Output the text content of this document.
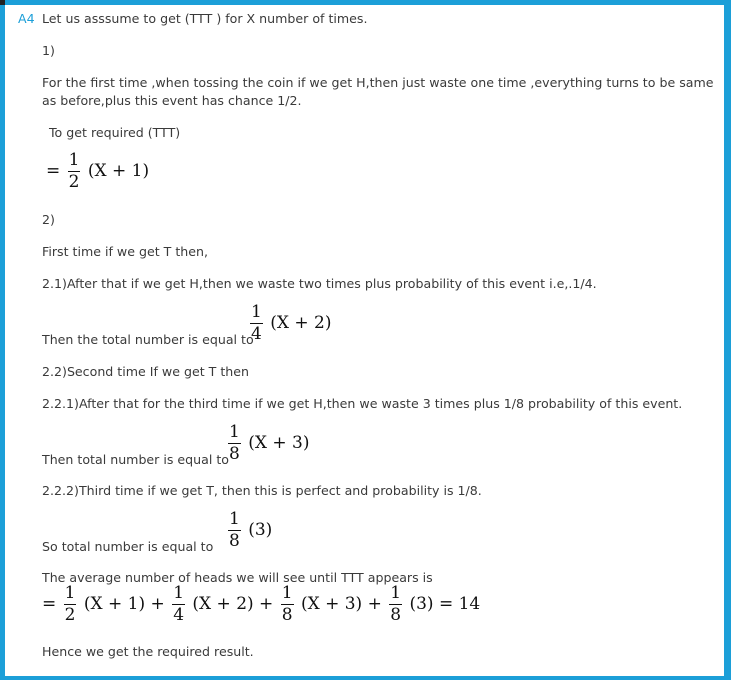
A4 Let us asssume to get (TTT ) for X number of times.
1)
For the first time ,when tossing the coin if we get H,then just waste one time ,everything turns to be same
as before,plus this event has chance 1/2.
To get required (TTT)
= $\frac{1}{2} (X + 1)$
2)
First time if we get T then,
2.1)After that if we get H,then we waste two times plus probability of this event i.e,.1/4.
Then the total number is equal to
$\frac{1}{4} (X + 2)$
2.2)Second time If we get T then
2.2.1)After that for the third time if we get H,then we waste 3 times plus 1/8 probability of this event.
Then total number is equal to
$\frac{1}{8} (X + 3)$
2.2.2)Third time if we get T, then this is perfect and probability is 1/8.
So total number is equal to $\frac{1}{8} (3)$
The average number of heads we will see until TTT appears is
= $\frac{1}{2} (X + 1) + \frac{1}{4} (X + 2) + \frac{1}{8} (X + 3) + \frac{1}{8} (3) = 14$
Hence we get the required result.
